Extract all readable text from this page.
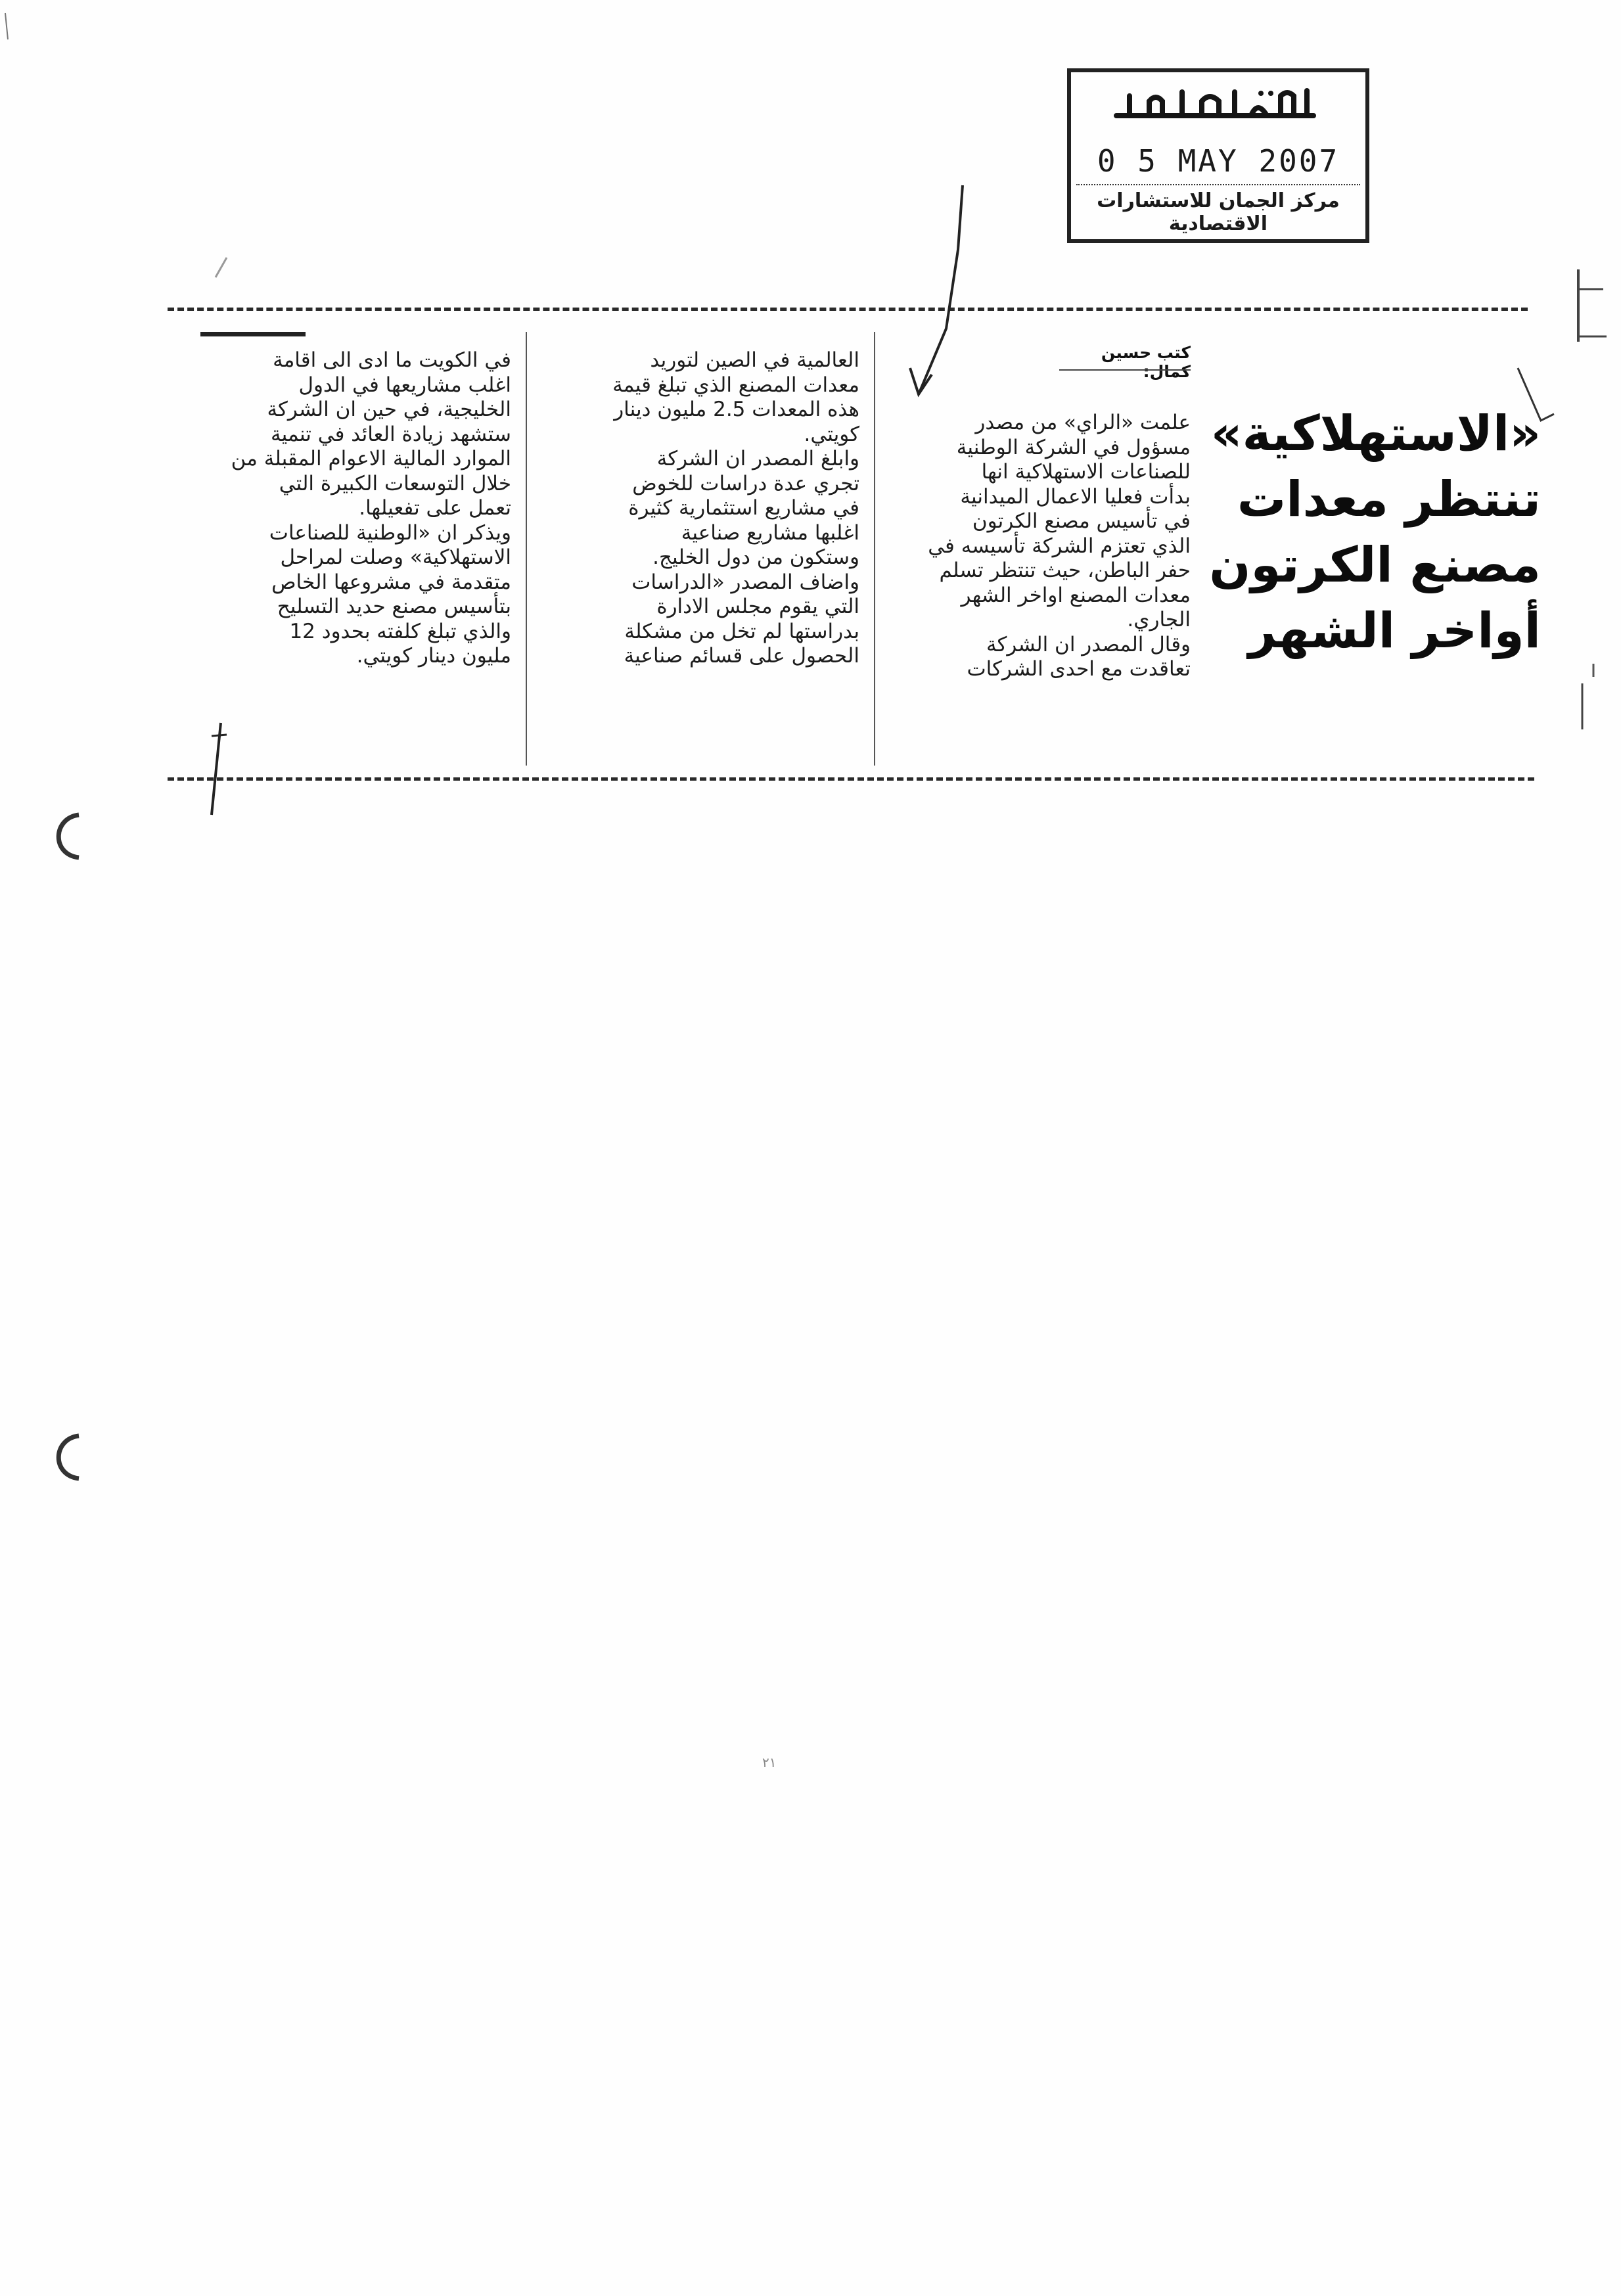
0 5 MAY 2007
مركز الجمان للاستشارات الاقتصادية
«الاستهلاكية»
تنتظر معدات
مصنع الكرتون
أواخر الشهر
كتب حسين كمال:
علمت «الراي» من مصدر
مسؤول في الشركة الوطنية
للصناعات الاستهلاكية انها
بدأت فعليا الاعمال الميدانية
في تأسيس مصنع الكرتون
الذي تعتزم الشركة تأسيسه في
حفر الباطن، حيث تنتظر تسلم
معدات المصنع اواخر الشهر
الجاري.
وقال المصدر ان الشركة
تعاقدت مع احدى الشركات
العالمية في الصين لتوريد
معدات المصنع الذي تبلغ قيمة
هذه المعدات 2.5 مليون دينار
كويتي.
وابلغ المصدر ان الشركة
تجري عدة دراسات للخوض
في مشاريع استثمارية كثيرة
اغلبها مشاريع صناعية
وستكون من دول الخليج.
واضاف المصدر «الدراسات
التي يقوم مجلس الادارة
بدراستها لم تخل من مشكلة
الحصول على قسائم صناعية
في الكويت ما ادى الى اقامة
اغلب مشاريعها في الدول
الخليجية، في حين ان الشركة
ستشهد زيادة العائد في تنمية
الموارد المالية الاعوام المقبلة من
خلال التوسعات الكبيرة التي
تعمل على تفعيلها.
ويذكر ان «الوطنية للصناعات
الاستهلاكية» وصلت لمراحل
متقدمة في مشروعها الخاص
بتأسيس مصنع حديد التسليح
والذي تبلغ كلفته بحدود 12
مليون دينار كويتي.
٢١
